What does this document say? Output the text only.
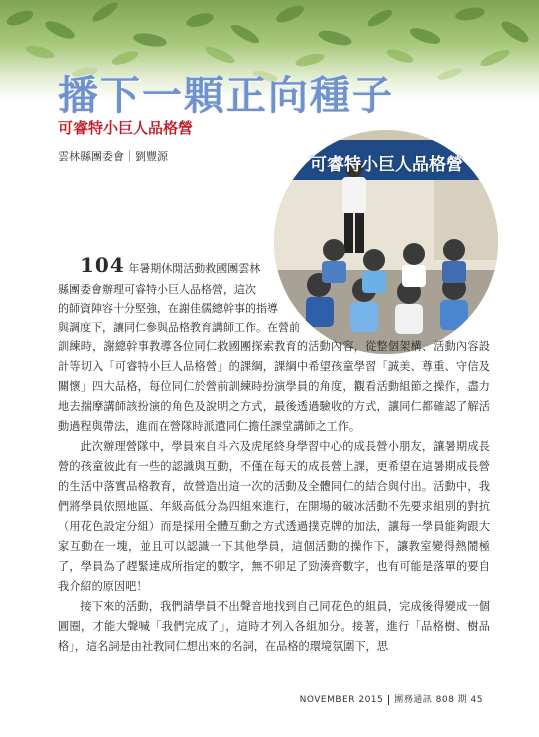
播下一顆正向種子
可睿特小巨人品格營
雲林縣團委會｜劉豐源	可睿特小巨人品格營
104 年暑期休閒活動救國團雲林
縣團委會辦理可睿特小巨人品格營，這次
的師資陣容十分堅強，在謝佳儒總幹事的指導
與調度下，讓同仁參與品格教育講師工作。在營前

訓練時，謝總幹事教導各位同仁救國團探索教育的活動內容，從整個架構、活動內容設計等切入「可睿特小巨人品格營」的課綱，課綱中希望孩童學習「誠美、尊重、守信及關懷」四大品格，每位同仁於營前訓練時扮演學員的角度，觀看活動組節之操作，盡力地去揣摩講師該扮演的角色及說明之方式，最後透過驗收的方式，讓同仁都確認了解活動過程與帶法，進而在營隊時派遣同仁擔任課堂講師之工作。

此次辦理營隊中，學員來自斗六及虎尾終身學習中心的成長營小朋友，讓暑期成長營的孩童彼此有一些的認識與互動，不僅在每天的成長營上課，更希望在這暑期成長營的生活中落實品格教育，故營造出這一次的活動及全體同仁的結合與付出。活動中，我們將學員依照地區、年級高低分為四組來進行，在開場的破冰活動不先要求組別的對抗（用花色設定分組）而是採用全體互動之方式透過撲克牌的加法，讓每一學員能夠跟大家互動在一塊，並且可以認識一下其他學員，這個活動的操作下，讓教室變得熱鬧極了，學員為了趕緊達成所指定的數字，無不卯足了勁湊齊數字，也有可能是落單的要自我介紹的原因吧！

接下來的活動，我們請學員不出聲音地找到自己同花色的組員，完成後得變成一個圓圈，才能大聲喊「我們完成了」，這時才列入各組加分。接著，進行「品格樹、樹品格」，這名詞是由社教同仁想出來的名詞，在品格的環境氛圍下，思

NOVEMBER 2015 團務通訊 808 期 45
